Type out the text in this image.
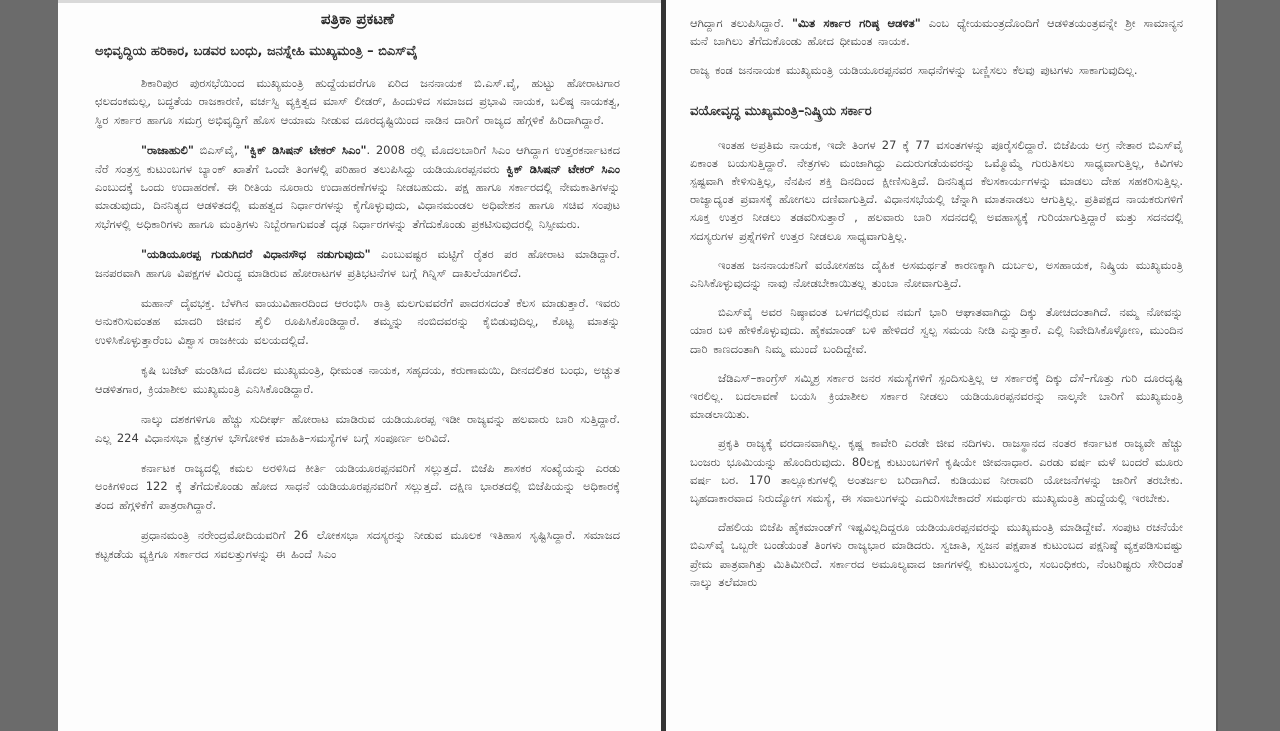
ಪತ್ರಿಕಾ ಪ್ರಕಟಣೆ
ಅಭಿವೃದ್ಧಿಯ ಹರಿಕಾರ, ಬಡವರ ಬಂಧು, ಜನಸ್ನೇಹಿ ಮುಖ್ಯಮಂತ್ರಿ – ಬಿಎಸ್‌ವೈ

ಶಿಕಾರಿಪುರ ಪುರಸಭೆಯಿಂದ ಮುಖ್ಯಮಂತ್ರಿ ಹುದ್ದೆಯವರೆಗೂ ಏರಿದ ಜನನಾಯಕ ಬಿ.ಎಸ್.ವೈ, ಹುಟ್ಟು ಹೋರಾಟಗಾರ ಛಲದಂಕಮಲ್ಲ, ಬದ್ಧತೆಯ ರಾಜಕಾರಣಿ, ವರ್ಚಸ್ವಿ ವ್ಯಕ್ತಿತ್ವದ ಮಾಸ್ ಲೀಡರ್, ಹಿಂದುಳಿದ ಸಮಾಜದ ಪ್ರಭಾವಿ ನಾಯಕ, ಬಲಿಷ್ಠ ನಾಯಕತ್ವ, ಸ್ಥಿರ ಸರ್ಕಾರ ಹಾಗೂ ಸಮಗ್ರ ಅಭಿವೃದ್ಧಿಗೆ ಹೊಸ ಆಯಾಮ ನೀಡುವ ದೂರದೃಷ್ಟಿಯಿಂದ ನಾಡಿನ ದಾರಿಗೆ ರಾಜ್ಯದ ಹೆಗ್ಗಳಿಕೆ ಹಿರಿದಾಗಿದ್ದಾರೆ.

"ರಾಜಾಹುಲಿ" ಬಿಎಸ್‌ವೈ, "ಕ್ವಿಕ್ ಡಿಸಿಷನ್ ಟೇಕರ್ ಸಿಎಂ". 2008 ರಲ್ಲಿ ಮೊದಲಬಾರಿಗೆ ಸಿಎಂ ಆಗಿದ್ದಾಗ ಉತ್ತರಕರ್ನಾಟಕದ ನೆರೆ ಸಂತ್ರಸ್ತ ಕುಟುಂಬಗಳ ಬ್ಯಾಂಕ್ ಖಾತೆಗೆ ಒಂದೇ ತಿಂಗಳಲ್ಲಿ ಪರಿಹಾರ ತಲುಪಿಸಿದ್ದು ಯಡಿಯೂರಪ್ಪನವರು ಕ್ವಿಕ್ ಡಿಸಿಷನ್ ಟೇಕರ್ ಸಿಎಂ ಎಂಬುದಕ್ಕೆ ಒಂದು ಉದಾಹರಣೆ. ಈ ರೀತಿಯ ನೂರಾರು ಉದಾಹರಣೆಗಳನ್ನು ನೀಡಬಹುದು. ಪಕ್ಷ ಹಾಗೂ ಸರ್ಕಾರದಲ್ಲಿ ನೇಮಕಾತಿಗಳನ್ನು ಮಾಡುವುದು, ದಿನನಿತ್ಯದ ಆಡಳಿತದಲ್ಲಿ ಮಹತ್ವದ ನಿರ್ಧಾರಗಳನ್ನು ಕೈಗೊಳ್ಳುವುದು, ವಿಧಾನಮಂಡಲ ಅಧಿವೇಶನ ಹಾಗೂ ಸಚಿವ ಸಂಪುಟ ಸಭೆಗಳಲ್ಲಿ ಅಧಿಕಾರಿಗಳು ಹಾಗೂ ಮಂತ್ರಿಗಳು ನಿಬ್ಬೆರಗಾಗುವಂತೆ ದೃಢ ನಿರ್ಧಾರಗಳನ್ನು ತೆಗೆದುಕೊಂಡು ಪ್ರಕಟಿಸುವುದರಲ್ಲಿ ನಿಸ್ಸೀಮರು.

"ಯಡಿಯೂರಪ್ಪ ಗುಡುಗಿದರೆ ವಿಧಾನಸೌಧ ನಡುಗುವುದು" ಎಂಬುವಷ್ಟರ ಮಟ್ಟಿಗೆ ರೈತರ ಪರ ಹೋರಾಟ ಮಾಡಿದ್ದಾರೆ. ಜನಪರವಾಗಿ ಹಾಗೂ ವಿಪಕ್ಷಗಳ ವಿರುದ್ಧ ಮಾಡಿರುವ ಹೋರಾಟಗಳ ಪ್ರತಿಭಟನೆಗಳ ಬಗ್ಗೆ ಗಿನ್ನಿಸ್ ದಾಖಲೆಯಾಗಲಿದೆ.

ಮಹಾನ್ ದೈವಭಕ್ತ. ಬೆಳಗಿನ ವಾಯುವಿಹಾರದಿಂದ ಆರಂಭಿಸಿ ರಾತ್ರಿ ಮಲಗುವವರೆಗೆ ಪಾದರಸದಂತೆ ಕೆಲಸ ಮಾಡುತ್ತಾರೆ. ಇವರು ಅನುಕರಿಸುವಂತಹ ಮಾದರಿ ಜೀವನ ಶೈಲಿ ರೂಪಿಸಿಕೊಂಡಿದ್ದಾರೆ. ತಮ್ಮನ್ನು ನಂಬಿದವರನ್ನು ಕೈಬಿಡುವುದಿಲ್ಲ, ಕೊಟ್ಟ ಮಾತನ್ನು ಉಳಿಸಿಕೊಳ್ಳುತ್ತಾರೆಂಬ ವಿಶ್ವಾಸ ರಾಜಕೀಯ ವಲಯದಲ್ಲಿದೆ.

ಕೃಷಿ ಬಜೆಟ್ ಮಂಡಿಸಿದ ಮೊದಲ ಮುಖ್ಯಮಂತ್ರಿ, ಧೀಮಂತ ನಾಯಕ, ಸಹೃದಯ, ಕರುಣಾಮಯಿ, ದೀನದಲಿತರ ಬಂಧು, ಅಚ್ಚುತ ಆಡಳಿತಗಾರ, ಕ್ರಿಯಾಶೀಲ ಮುಖ್ಯಮಂತ್ರಿ ಎನಿಸಿಕೊಂಡಿದ್ದಾರೆ.

ನಾಲ್ಕು ದಶಕಗಳಿಗೂ ಹೆಚ್ಚು ಸುದೀರ್ಘ ಹೋರಾಟ ಮಾಡಿರುವ ಯಡಿಯೂರಪ್ಪ ಇಡೀ ರಾಜ್ಯವನ್ನು ಹಲವಾರು ಬಾರಿ ಸುತ್ತಿದ್ದಾರೆ. ಎಲ್ಲ 224 ವಿಧಾನಸಭಾ ಕ್ಷೇತ್ರಗಳ ಭೌಗೋಳಿಕ ಮಾಹಿತಿ–ಸಮಸ್ಯೆಗಳ ಬಗ್ಗೆ ಸಂಪೂರ್ಣ ಅರಿವಿದೆ.

ಕರ್ನಾಟಕ ರಾಜ್ಯದಲ್ಲಿ ಕಮಲ ಅರಳಿಸಿದ ಕೀರ್ತಿ ಯಡಿಯೂರಪ್ಪನವರಿಗೆ ಸಲ್ಲುತ್ತದೆ. ಬಿಜೆಪಿ ಶಾಸಕರ ಸಂಖ್ಯೆಯನ್ನು ಎರಡು ಅಂಕಿಗಳಿಂದ 122 ಕ್ಕೆ ತೆಗೆದುಕೊಂಡು ಹೋದ ಸಾಧನೆ ಯಡಿಯೂರಪ್ಪನವರಿಗೆ ಸಲ್ಲುತ್ತದೆ. ದಕ್ಷಿಣ ಭಾರತದಲ್ಲಿ ಬಿಜೆಪಿಯನ್ನು ಅಧಿಕಾರಕ್ಕೆ ತಂದ ಹೆಗ್ಗಳಿಕೆಗೆ ಪಾತ್ರರಾಗಿದ್ದಾರೆ.

ಪ್ರಧಾನಮಂತ್ರಿ ನರೇಂದ್ರಮೋದಿಯವರಿಗೆ 26 ಲೋಕಸಭಾ ಸದಸ್ಯರನ್ನು ನೀಡುವ ಮೂಲಕ ಇತಿಹಾಸ ಸೃಷ್ಟಿಸಿದ್ದಾರೆ. ಸಮಾಜದ ಕಟ್ಟಕಡೆಯ ವ್ಯಕ್ತಿಗೂ ಸರ್ಕಾರದ ಸವಲತ್ತುಗಳನ್ನು ಈ ಹಿಂದೆ ಸಿಎಂ

ಆಗಿದ್ದಾಗ ತಲುಪಿಸಿದ್ದಾರೆ. "ಮಿತ ಸರ್ಕಾರ ಗರಿಷ್ಠ ಆಡಳಿತ" ಎಂಬ ಧ್ಯೇಯಮಂತ್ರದೊಂದಿಗೆ ಆಡಳಿತಯಂತ್ರವನ್ನೇ ಶ್ರೀ ಸಾಮಾನ್ಯನ ಮನೆ ಬಾಗಿಲು ತೆಗೆದುಕೊಂಡು ಹೋದ ಧೀಮಂತ ನಾಯಕ.

ರಾಜ್ಯ ಕಂಡ ಜನನಾಯಕ ಮುಖ್ಯಮಂತ್ರಿ ಯಡಿಯೂರಪ್ಪನವರ ಸಾಧನೆಗಳನ್ನು ಬಣ್ಣಿಸಲು ಕೆಲವು ಪುಟಗಳು ಸಾಕಾಗುವುದಿಲ್ಲ.

ವಯೋವೃದ್ಧ ಮುಖ್ಯಮಂತ್ರಿ–ನಿಷ್ಕ್ರಿಯ ಸರ್ಕಾರ

ಇಂತಹ ಅಪ್ರತಿಮ ನಾಯಕ, ಇದೇ ತಿಂಗಳ 27 ಕ್ಕೆ 77 ವಸಂತಗಳನ್ನು ಪೂರೈಸಲಿದ್ದಾರೆ. ಬಿಜೆಪಿಯ ಅಗ್ರ ನೇತಾರ ಬಿಎಸ್‌ವೈ ಏಕಾಂತ ಬಯಸುತ್ತಿದ್ದಾರೆ. ನೇತ್ರಗಳು ಮಂಜಾಗಿದ್ದು ಎದುರುಗಡೆಯವರನ್ನು ಒಮ್ಮೊಮ್ಮೆ ಗುರುತಿಸಲು ಸಾಧ್ಯವಾಗುತ್ತಿಲ್ಲ, ಕಿವಿಗಳು ಸ್ಪಷ್ಟವಾಗಿ ಕೇಳಿಸುತ್ತಿಲ್ಲ, ನೆನಪಿನ ಶಕ್ತಿ ದಿನದಿಂದ ಕ್ಷೀಣಿಸುತ್ತಿದೆ. ದಿನನಿತ್ಯದ ಕೆಲಸಕಾರ್ಯಗಳನ್ನು ಮಾಡಲು ದೇಹ ಸಹಕರಿಸುತ್ತಿಲ್ಲ. ರಾಜ್ಯಾದ್ಯಂತ ಪ್ರವಾಸಕ್ಕೆ ಹೋಗಲು ದಣಿವಾಗುತ್ತಿದೆ. ವಿಧಾನಸಭೆಯಲ್ಲಿ ಚೆನ್ನಾಗಿ ಮಾತನಾಡಲು ಆಗುತ್ತಿಲ್ಲ. ಪ್ರತಿಪಕ್ಷದ ನಾಯಕರುಗಳಿಗೆ ಸೂಕ್ತ ಉತ್ತರ ನೀಡಲು ತಡವರಿಸುತ್ತಾರೆ , ಹಲವಾರು ಬಾರಿ ಸದನದಲ್ಲಿ ಅವಹಾಸ್ಯಕ್ಕೆ ಗುರಿಯಾಗುತ್ತಿದ್ದಾರೆ ಮತ್ತು ಸದನದಲ್ಲಿ ಸದಸ್ಯರುಗಳ ಪ್ರಶ್ನೆಗಳಿಗೆ ಉತ್ತರ ನೀಡಲೂ ಸಾಧ್ಯವಾಗುತ್ತಿಲ್ಲ.

ಇಂತಹ ಜನನಾಯಕನಿಗೆ ವಯೋಸಹಜ ದೈಹಿಕ ಅಸಮರ್ಥತೆ ಕಾರಣಕ್ಕಾಗಿ ದುರ್ಬಲ, ಅಸಹಾಯಕ, ನಿಷ್ಕ್ರಿಯ ಮುಖ್ಯಮಂತ್ರಿ ಎನಿಸಿಕೊಳ್ಳುವುದನ್ನು ನಾವು ನೋಡಬೇಕಾಯಿತಲ್ಲ ತುಂಬಾ ನೋವಾಗುತ್ತಿದೆ.

ಬಿಎಸ್‌ವೈ ಅವರ ನಿಷ್ಠಾವಂತ ಬಳಗದಲ್ಲಿರುವ ನಮಗೆ ಭಾರಿ ಆಘಾತವಾಗಿದ್ದು ದಿಕ್ಕು ತೋಚದಂತಾಗಿದೆ. ನಮ್ಮ ನೋವನ್ನು ಯಾರ ಬಳಿ ಹೇಳಿಕೊಳ್ಳುವುದು. ಹೈಕಮಾಂಡ್ ಬಳಿ ಹೇಳಿದರೆ ಸ್ವಲ್ಪ ಸಮಯ ನೀಡಿ ಎನ್ನುತ್ತಾರೆ. ಎಲ್ಲಿ ನಿವೇದಿಸಿಕೊಳ್ಳೋಣ, ಮುಂದಿನ ದಾರಿ ಕಾಣದಂತಾಗಿ ನಿಮ್ಮ ಮುಂದೆ ಬಂದಿದ್ದೇವೆ.

ಜೆಡಿಎಸ್–ಕಾಂಗ್ರೆಸ್ ಸಮ್ಮಿಶ್ರ ಸರ್ಕಾರ ಜನರ ಸಮಸ್ಯೆಗಳಿಗೆ ಸ್ಪಂದಿಸುತ್ತಿಲ್ಲ ಆ ಸರ್ಕಾರಕ್ಕೆ ದಿಕ್ಕು ದೆಸೆ–ಗೊತ್ತು ಗುರಿ ದೂರದೃಷ್ಟಿ ಇರಲಿಲ್ಲ. ಬದಲಾವಣೆ ಬಯಸಿ ಕ್ರಿಯಾಶೀಲ ಸರ್ಕಾರ ನೀಡಲು ಯಡಿಯೂರಪ್ಪನವರನ್ನು ನಾಲ್ಕನೇ ಬಾರಿಗೆ ಮುಖ್ಯಮಂತ್ರಿ ಮಾಡಲಾಯಿತು.

ಪ್ರಕೃತಿ ರಾಜ್ಯಕ್ಕೆ ವರದಾನವಾಗಿಲ್ಲ. ಕೃಷ್ಣ ಕಾವೇರಿ ಎರಡೇ ಜೀವ ನದಿಗಳು. ರಾಜಸ್ಥಾನದ ನಂತರ ಕರ್ನಾಟಕ ರಾಜ್ಯವೇ ಹೆಚ್ಚು ಬಂಜರು ಭೂಮಿಯನ್ನು ಹೊಂದಿರುವುದು. 80ಲಕ್ಷ ಕುಟುಂಬಗಳಿಗೆ ಕೃಷಿಯೇ ಜೀವನಾಧಾರ. ಎರಡು ವರ್ಷ ಮಳೆ ಬಂದರೆ ಮೂರು ವರ್ಷ ಬರ. 170 ತಾಲ್ಲೂಕುಗಳಲ್ಲಿ ಅಂತರ್ಜಲ ಬರಿದಾಗಿದೆ. ಕುಡಿಯುವ ನೀರಾವರಿ ಯೋಜನೆಗಳನ್ನು ಜಾರಿಗೆ ತರಬೇಕು. ಬೃಹದಾಕಾರವಾದ ನಿರುದ್ಯೋಗ ಸಮಸ್ಯೆ, ಈ ಸವಾಲುಗಳನ್ನು ಎದುರಿಸಬೇಕಾದರೆ ಸಮರ್ಥರು ಮುಖ್ಯಮಂತ್ರಿ ಹುದ್ದೆಯಲ್ಲಿ ಇರಬೇಕು.

ದೆಹಲಿಯ ಬಿಜೆಪಿ ಹೈಕಮಾಂಡ್‌ಗೆ ಇಷ್ಟವಿಲ್ಲದಿದ್ದರೂ ಯಡಿಯೂರಪ್ಪನವರನ್ನು ಮುಖ್ಯಮಂತ್ರಿ ಮಾಡಿದ್ದೇವೆ. ಸಂಪುಟ ರಚನೆಯೇ ಬಿಎಸ್‌ವೈ ಒಬ್ಬರೇ ಬಂಡೆಯಂತೆ ತಿಂಗಳು ರಾಜ್ಯಭಾರ ಮಾಡಿದರು. ಸ್ವಜಾತಿ, ಸ್ವಜನ ಪಕ್ಷಪಾತ ಕುಟುಂಬದ ಪಕ್ಷನಿಷ್ಠೆ ವ್ಯಕ್ತಪಡಿಸುವಷ್ಟು ಪ್ರೇಮ ಪಾತ್ರವಾಗಿತ್ತು ಮಿತಿಮೀರಿದೆ. ಸರ್ಕಾರದ ಅಮೂಲ್ಯವಾದ ಜಾಗಗಳಲ್ಲಿ ಕುಟುಂಬಸ್ಥರು, ಸಂಬಂಧಿಕರು, ನೆಂಟರಿಷ್ಟರು ಸೇರಿದಂತೆ ನಾಲ್ಕು ತಲೆಮಾರು
